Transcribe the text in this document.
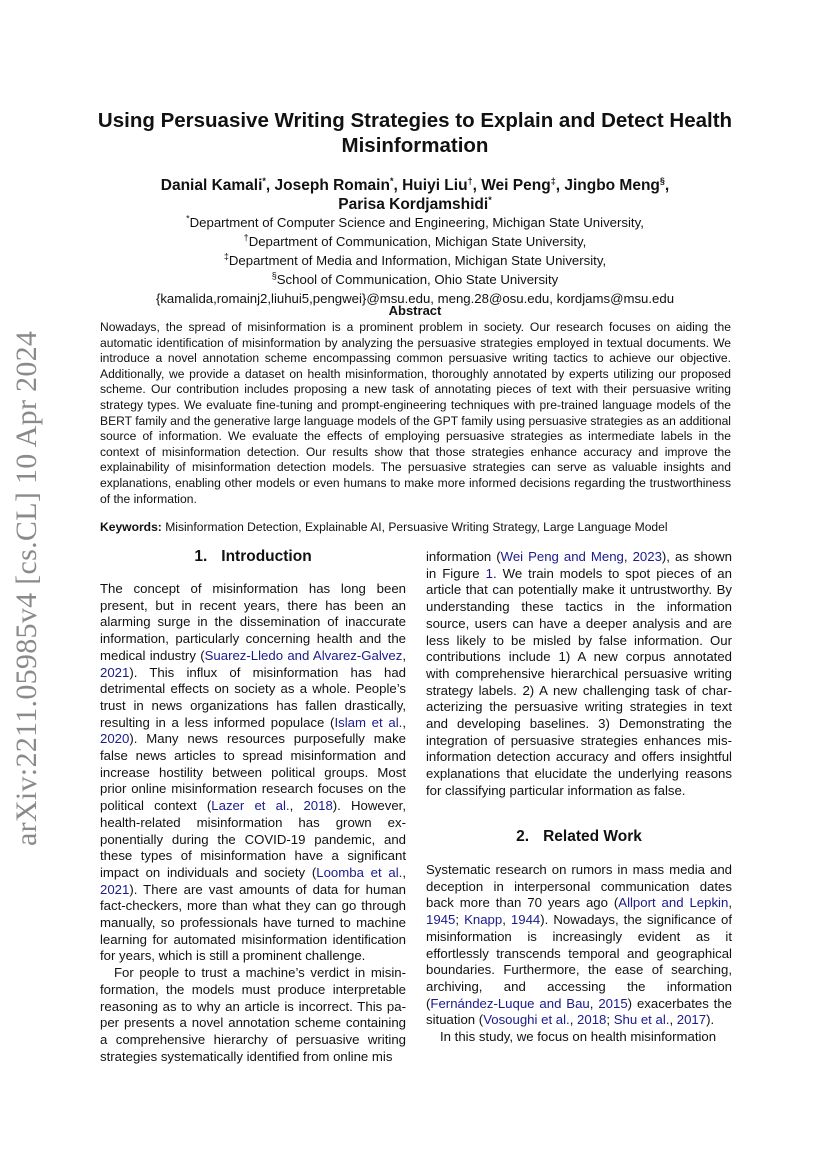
arXiv:2211.05985v4 [cs.CL] 10 Apr 2024
Using Persuasive Writing Strategies to Explain and Detect Health Misinformation
Danial Kamali*, Joseph Romain*, Huiyi Liu†, Wei Peng‡, Jingbo Meng§,
Parisa Kordjamshidi*
*Department of Computer Science and Engineering, Michigan State University,
†Department of Communication, Michigan State University,
‡Department of Media and Information, Michigan State University,
§School of Communication, Ohio State University
{kamalida,romainj2,liuhui5,pengwei}@msu.edu, meng.28@osu.edu, kordjams@msu.edu
Abstract
Nowadays, the spread of misinformation is a prominent problem in society. Our research focuses on aiding the automatic identification of misinformation by analyzing the persuasive strategies employed in textual documents. We introduce a novel annotation scheme encompassing common persuasive writing tactics to achieve our objective. Additionally, we provide a dataset on health misinformation, thoroughly annotated by experts utilizing our proposed scheme. Our contribution includes proposing a new task of annotating pieces of text with their persuasive writing strategy types. We evaluate fine-tuning and prompt-engineering techniques with pre-trained language models of the BERT family and the generative large language models of the GPT family using persuasive strategies as an additional source of information. We evaluate the effects of employing persuasive strategies as intermediate labels in the context of misinformation detection. Our results show that those strategies enhance accuracy and improve the explainability of misinformation detection models. The persuasive strategies can serve as valuable insights and explanations, enabling other models or even humans to make more informed decisions regarding the trustworthiness of the information.
Keywords: Misinformation Detection, Explainable AI, Persuasive Writing Strategy, Large Language Model
1. Introduction

The concept of misinformation has long been present, but in recent years, there has been an alarming surge in the dissemination of inaccurate information, particularly concerning health and the medical industry (Suarez-Lledo and Alvarez-Galvez, 2021). This influx of misinformation has had detrimental effects on society as a whole. People’s trust in news organizations has fallen drastically, resulting in a less informed populace (Islam et al., 2020). Many news resources purposefully make false news articles to spread misinformation and increase hostility between political groups. Most prior online misinformation research focuses on the political context (Lazer et al., 2018). However, health-related misinformation has grown exponentially during the COVID-19 pandemic, and these types of misinformation have a significant impact on individuals and society (Loomba et al., 2021). There are vast amounts of data for human fact-checkers, more than what they can go through manually, so professionals have turned to machine learning for automated misinformation identification for years, which is still a prominent challenge.

For people to trust a machine’s verdict in misinformation, the models must produce interpretable reasoning as to why an article is incorrect. This paper presents a novel annotation scheme containing a comprehensive hierarchy of persuasive writing strategies systematically identified from online mis

information (Wei Peng and Meng, 2023), as shown in Figure 1. We train models to spot pieces of an article that can potentially make it untrustworthy. By understanding these tactics in the information source, users can have a deeper analysis and are less likely to be misled by false information. Our contributions include 1) A new corpus annotated with comprehensive hierarchical persuasive writing strategy labels. 2) A new challenging task of characterizing the persuasive writing strategies in text and developing baselines. 3) Demonstrating the integration of persuasive strategies enhances misinformation detection accuracy and offers insightful explanations that elucidate the underlying reasons for classifying particular information as false.

2. Related Work

Systematic research on rumors in mass media and deception in interpersonal communication dates back more than 70 years ago (Allport and Lepkin, 1945; Knapp, 1944). Nowadays, the significance of misinformation is increasingly evident as it effortlessly transcends temporal and geographical boundaries. Furthermore, the ease of searching, archiving, and accessing the information (Fernández-Luque and Bau, 2015) exacerbates the situation (Vosoughi et al., 2018; Shu et al., 2017).

In this study, we focus on health misinformation
